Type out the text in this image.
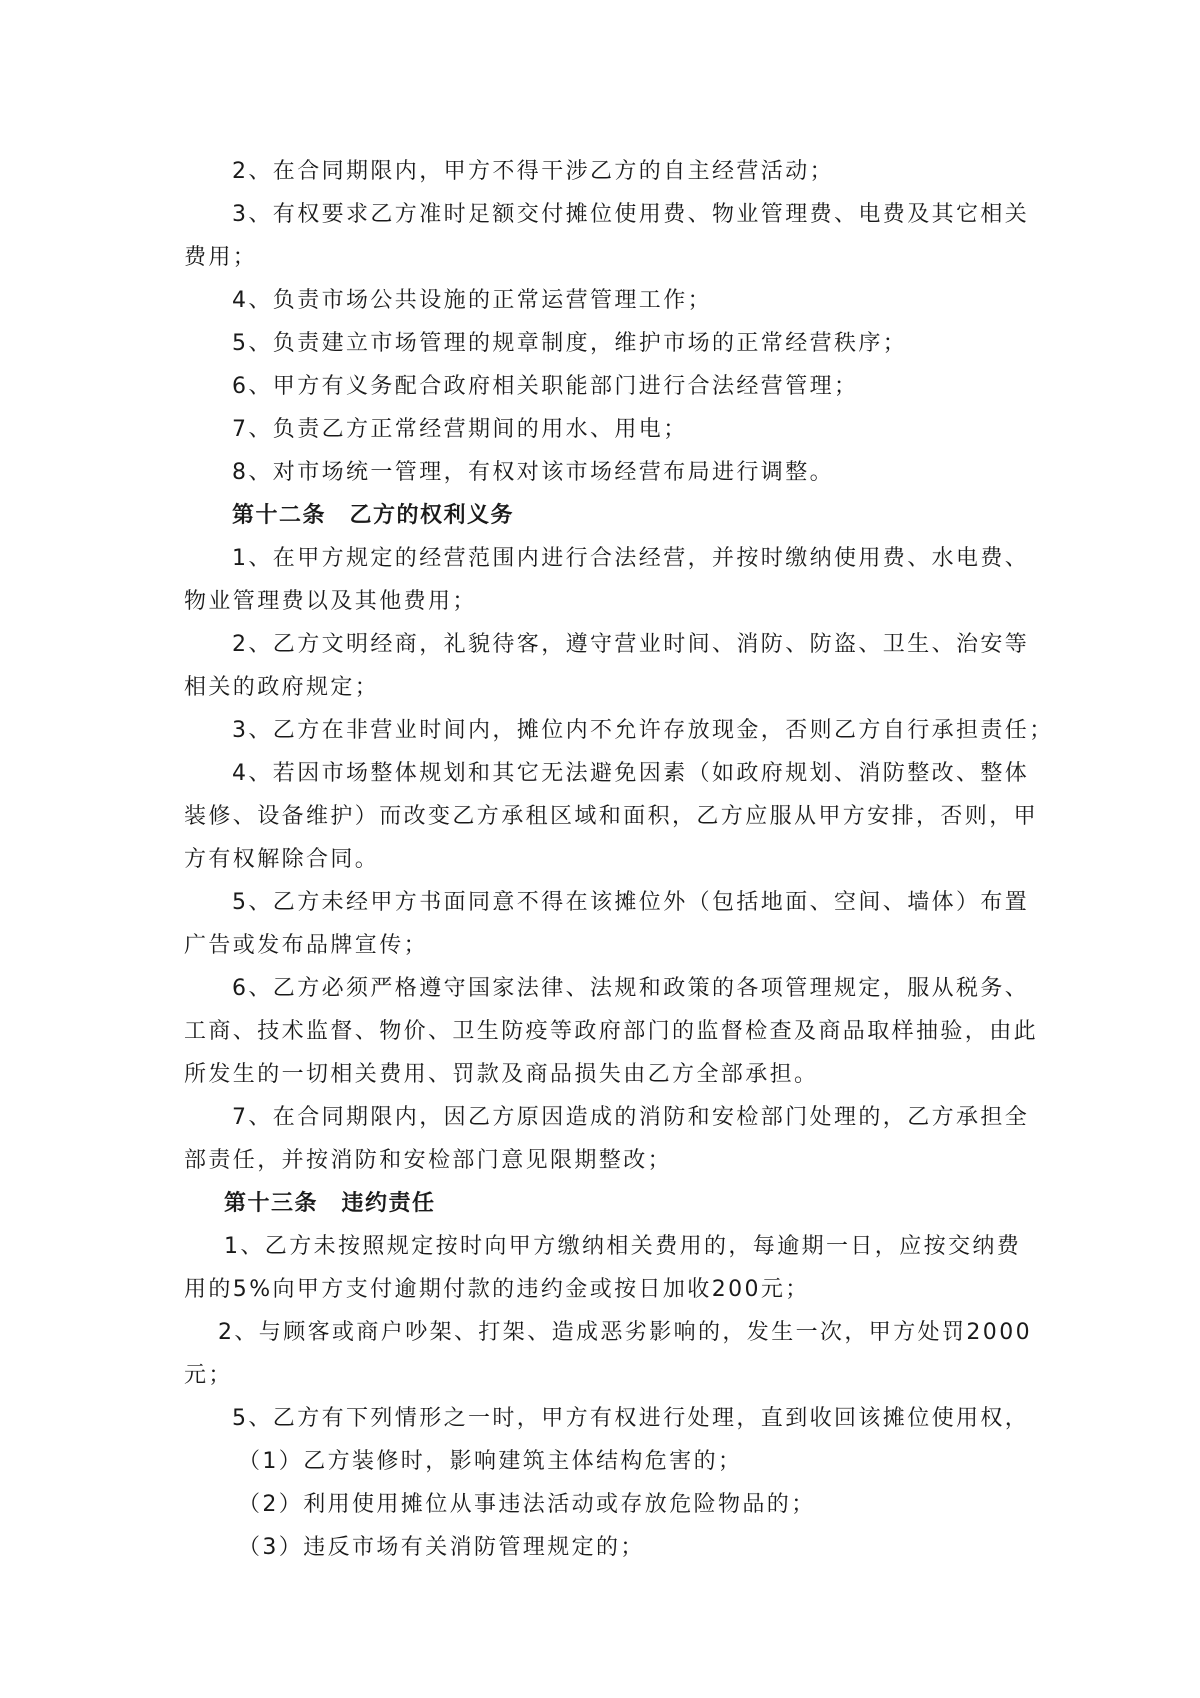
2、在合同期限内，甲方不得干涉乙方的自主经营活动；
3、有权要求乙方准时足额交付摊位使用费、物业管理费、电费及其它相关
费用；
4、负责市场公共设施的正常运营管理工作；
5、负责建立市场管理的规章制度，维护市场的正常经营秩序；
6、甲方有义务配合政府相关职能部门进行合法经营管理；
7、负责乙方正常经营期间的用水、用电；
8、对市场统一管理，有权对该市场经营布局进行调整。
第十二条　乙方的权利义务
1、在甲方规定的经营范围内进行合法经营，并按时缴纳使用费、水电费、
物业管理费以及其他费用；
2、乙方文明经商，礼貌待客，遵守营业时间、消防、防盗、卫生、治安等
相关的政府规定；
3、乙方在非营业时间内，摊位内不允许存放现金，否则乙方自行承担责任；
4、若因市场整体规划和其它无法避免因素（如政府规划、消防整改、整体
装修、设备维护）而改变乙方承租区域和面积，乙方应服从甲方安排，否则，甲
方有权解除合同。
5、乙方未经甲方书面同意不得在该摊位外（包括地面、空间、墙体）布置
广告或发布品牌宣传；
6、乙方必须严格遵守国家法律、法规和政策的各项管理规定，服从税务、
工商、技术监督、物价、卫生防疫等政府部门的监督检查及商品取样抽验，由此
所发生的一切相关费用、罚款及商品损失由乙方全部承担。
7、在合同期限内，因乙方原因造成的消防和安检部门处理的，乙方承担全
部责任，并按消防和安检部门意见限期整改；
第十三条　违约责任
1、乙方未按照规定按时向甲方缴纳相关费用的，每逾期一日，应按交纳费
用的5%向甲方支付逾期付款的违约金或按日加收200元；
2、与顾客或商户吵架、打架、造成恶劣影响的，发生一次，甲方处罚2000
元；
5、乙方有下列情形之一时，甲方有权进行处理，直到收回该摊位使用权，
（1）乙方装修时，影响建筑主体结构危害的；
（2）利用使用摊位从事违法活动或存放危险物品的；
（3）违反市场有关消防管理规定的；
